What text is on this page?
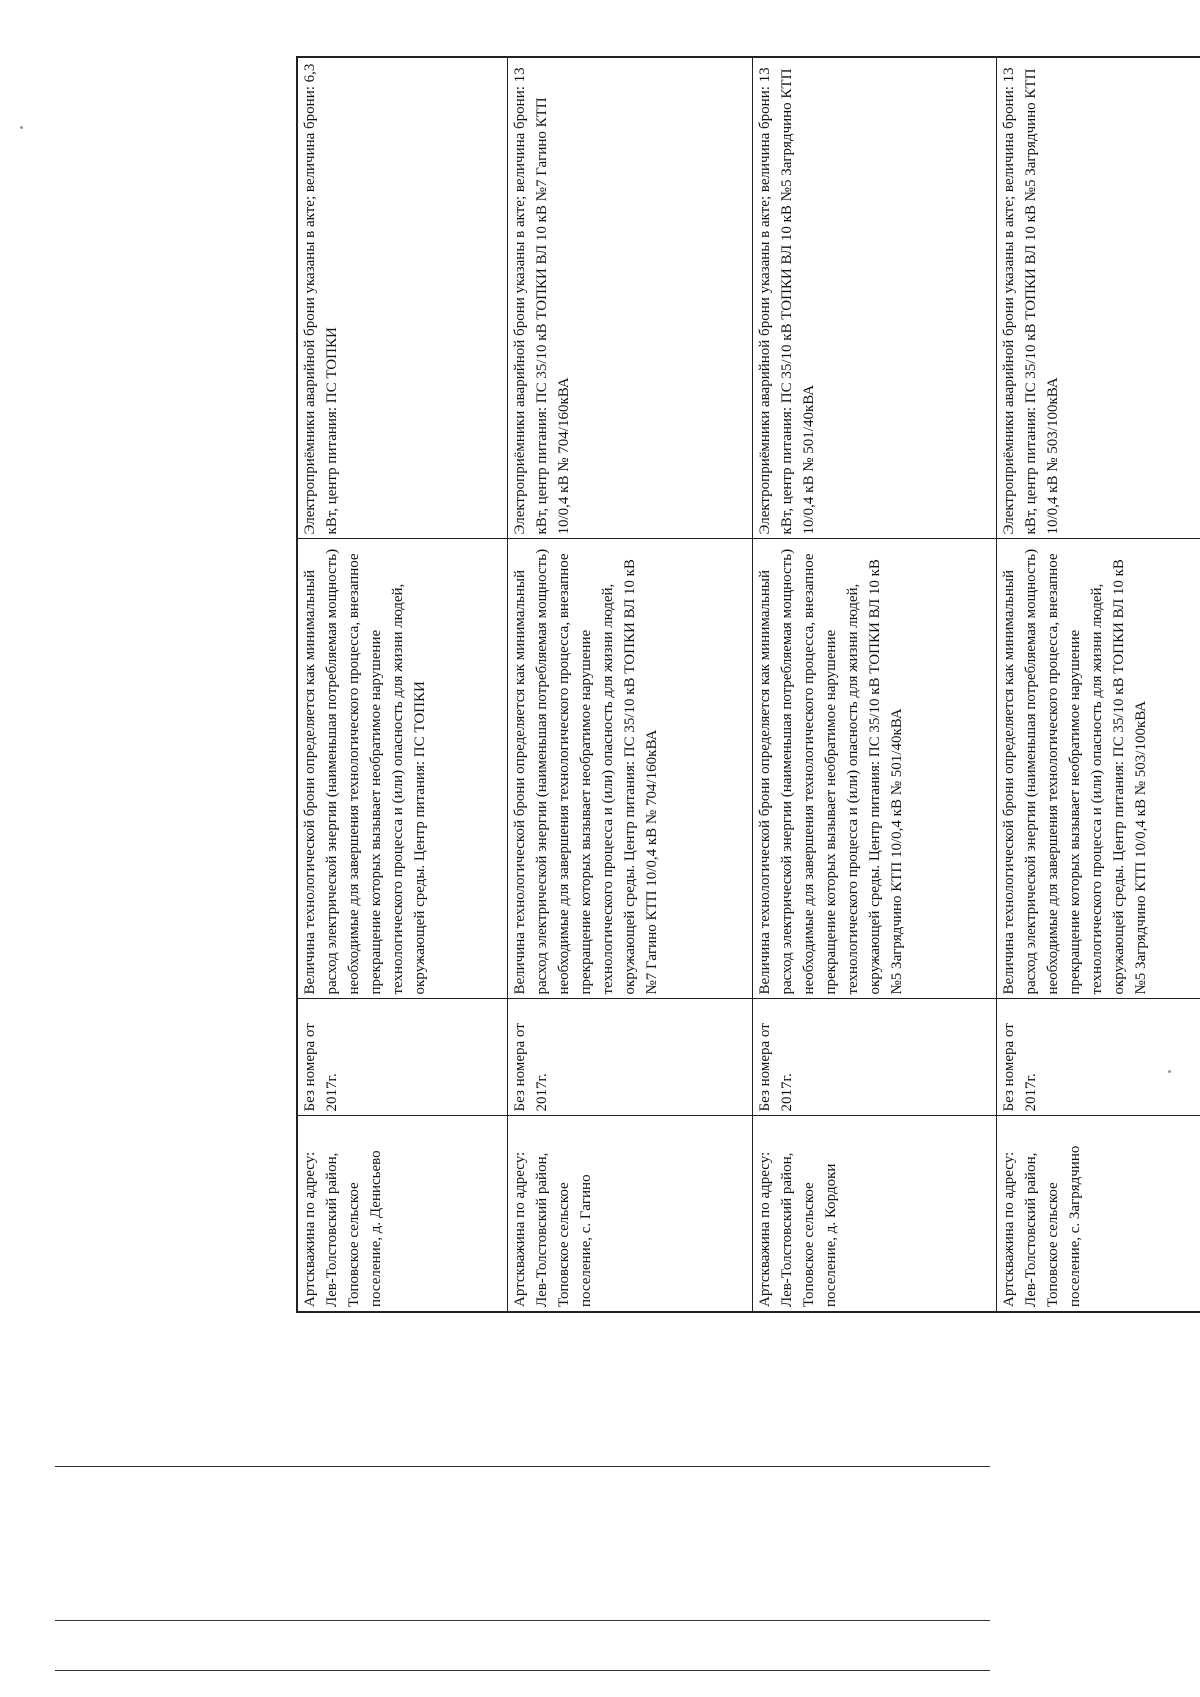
Артскважина по адресу: Лев-Толстовский район, Топовское сельское поселение, д. Денисьево	Без номера от 2017г.	Величина технологической брони определяется как минимальный расход электрической энергии (наименьшая потребляемая мощность) необходимые для завершения технологического процесса, внезапное прекращение которых вызывает необратимое нарушение технологического процесса и (или) опасность для жизни людей, окружающей среды. Центр питания: ПС ТОПКИ	Электроприёмники аварийной брони указаны в акте; величина брони: 6,3 кВт, центр питания: ПС ТОПКИ
Артскважина по адресу: Лев-Толстовский район, Топовское сельское поселение, с. Гагино	Без номера от 2017г.	Величина технологической брони определяется как минимальный расход электрической энергии (наименьшая потребляемая мощность) необходимые для завершения технологического процесса, внезапное прекращение которых вызывает необратимое нарушение технологического процесса и (или) опасность для жизни людей, окружающей среды. Центр питания: ПС 35/10 кВ ТОПКИ ВЛ 10 кВ №7 Гагино КТП 10/0,4 кВ № 704/160кВА	Электроприёмники аварийной брони указаны в акте; величина брони: 13 кВт, центр питания: ПС 35/10 кВ ТОПКИ ВЛ 10 кВ №7 Гагино КТП 10/0,4 кВ № 704/160кВА
Артскважина по адресу: Лев-Толстовский район, Топовское сельское поселение, д. Кордоки	Без номера от 2017г.	Величина технологической брони определяется как минимальный расход электрической энергии (наименьшая потребляемая мощность) необходимые для завершения технологического процесса, внезапное прекращение которых вызывает необратимое нарушение технологического процесса и (или) опасность для жизни людей, окружающей среды. Центр питания: ПС 35/10 кВ ТОПКИ ВЛ 10 кВ №5 Загрядчино КТП 10/0,4 кВ № 501/40кВА	Электроприёмники аварийной брони указаны в акте; величина брони: 13 кВт, центр питания: ПС 35/10 кВ ТОПКИ ВЛ 10 кВ №5 Загрядчино КТП 10/0,4 кВ № 501/40кВА
Артскважина по адресу: Лев-Толстовский район, Топовское сельское поселение, с. Загрядчино	Без номера от 2017г.	Величина технологической брони определяется как минимальный расход электрической энергии (наименьшая потребляемая мощность) необходимые для завершения технологического процесса, внезапное прекращение которых вызывает необратимое нарушение технологического процесса и (или) опасность для жизни людей, окружающей среды. Центр питания: ПС 35/10 кВ ТОПКИ ВЛ 10 кВ №5 Загрядчино КТП 10/0,4 кВ № 503/100кВА	Электроприёмники аварийной брони указаны в акте; величина брони: 13 кВт, центр питания: ПС 35/10 кВ ТОПКИ ВЛ 10 кВ №5 Загрядчино КТП 10/0,4 кВ № 503/100кВА
